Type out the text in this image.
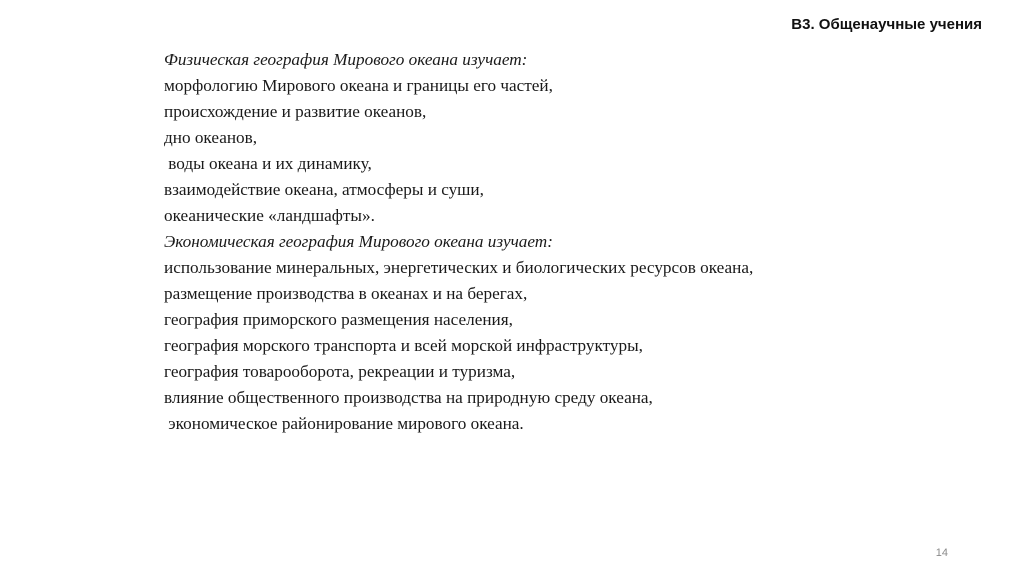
В3. Общенаучные учения
Физическая география Мирового океана изучает:
морфологию Мирового океана и границы его частей,
происхождение и развитие океанов,
дно океанов,
воды океана и их динамику,
взаимодействие океана, атмосферы и суши,
океанические «ландшафты».
Экономическая география Мирового океана изучает:
использование минеральных, энергетических и биологических ресурсов океана,
размещение производства в океанах и на берегах,
география приморского размещения населения,
география морского транспорта и всей морской инфраструктуры,
география товарооборота, рекреации и туризма,
влияние общественного производства на природную среду океана,
экономическое районирование мирового океана.
14
